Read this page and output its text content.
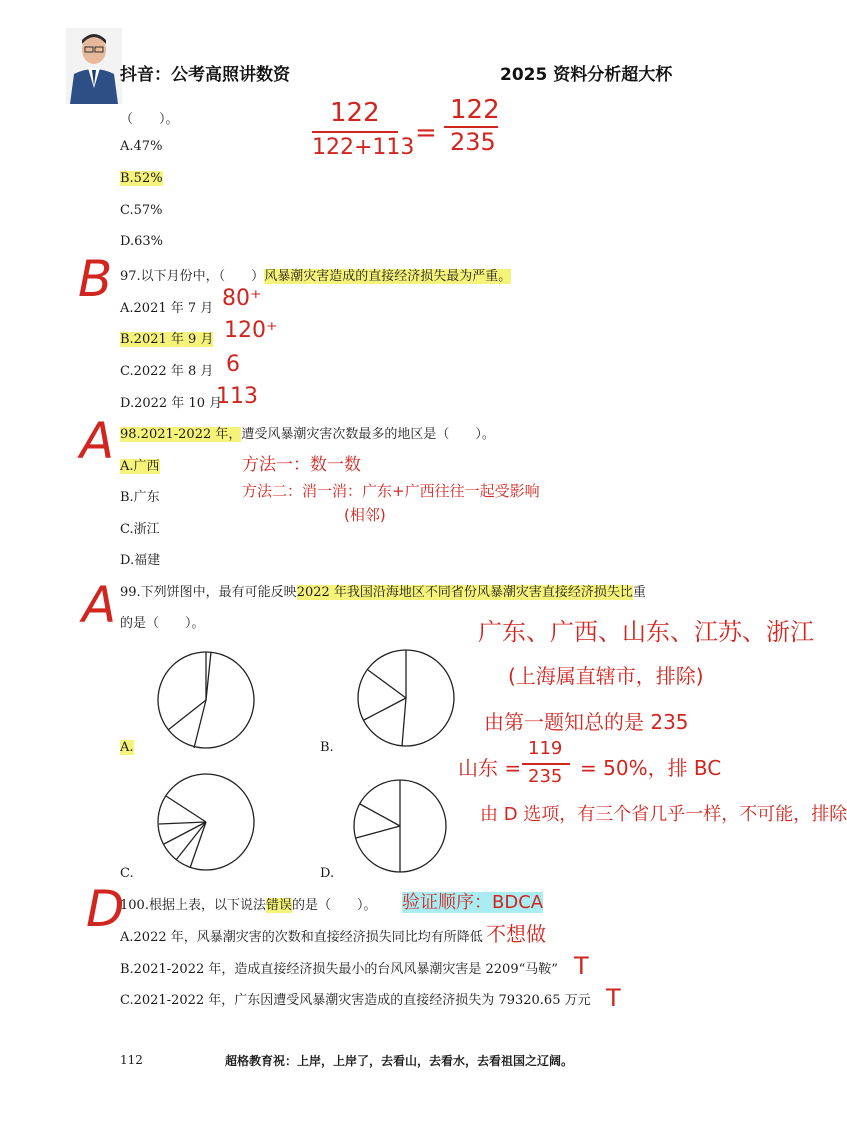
抖音：公考高照讲数资	2025 资料分析超大杯
（　　）。
A.47%
B.52%
C.57%
D.63%
122
122+113 =
122
235
B 97.以下月份中，（　　）风暴潮灾害造成的直接经济损失最为严重。
A.2021 年 7 月
B.2021 年 9 月
C.2022 年 8 月
D.2022 年 10 月
80⁺
120⁺
6
113
A 98.2021-2022 年，遭受风暴潮灾害次数最多的地区是（　　）。
A.广西
B.广东
C.浙江
D.福建
方法一：数一数
方法二：消一消：广东+广西往往一起受影响
(相邻)
A 99.下列饼图中，最有可能反映2022 年我国沿海地区不同省份风暴潮灾害直接经济损失比重
的是（　　）。
A.	B.
C.	D.
广东、广西、山东、江苏、浙江
(上海属直辖市，排除)
由第一题知总的是 235
山东 =
119
235 = 50%，排 BC
由 D 选项，有三个省几乎一样，不可能，排除
D
100.根据上表，以下说法错误的是（　　）。 验证顺序：BDCA
A.2022 年，风暴潮灾害的次数和直接经济损失同比均有所降低
B.2021-2022 年，造成直接经济损失最小的台风风暴潮灾害是 2209“马鞍”
C.2021-2022 年，广东因遭受风暴潮灾害造成的直接经济损失为 79320.65 万元
不想做
T
T
112	超格教育祝：上岸，上岸了，去看山，去看水，去看祖国之辽阔。
